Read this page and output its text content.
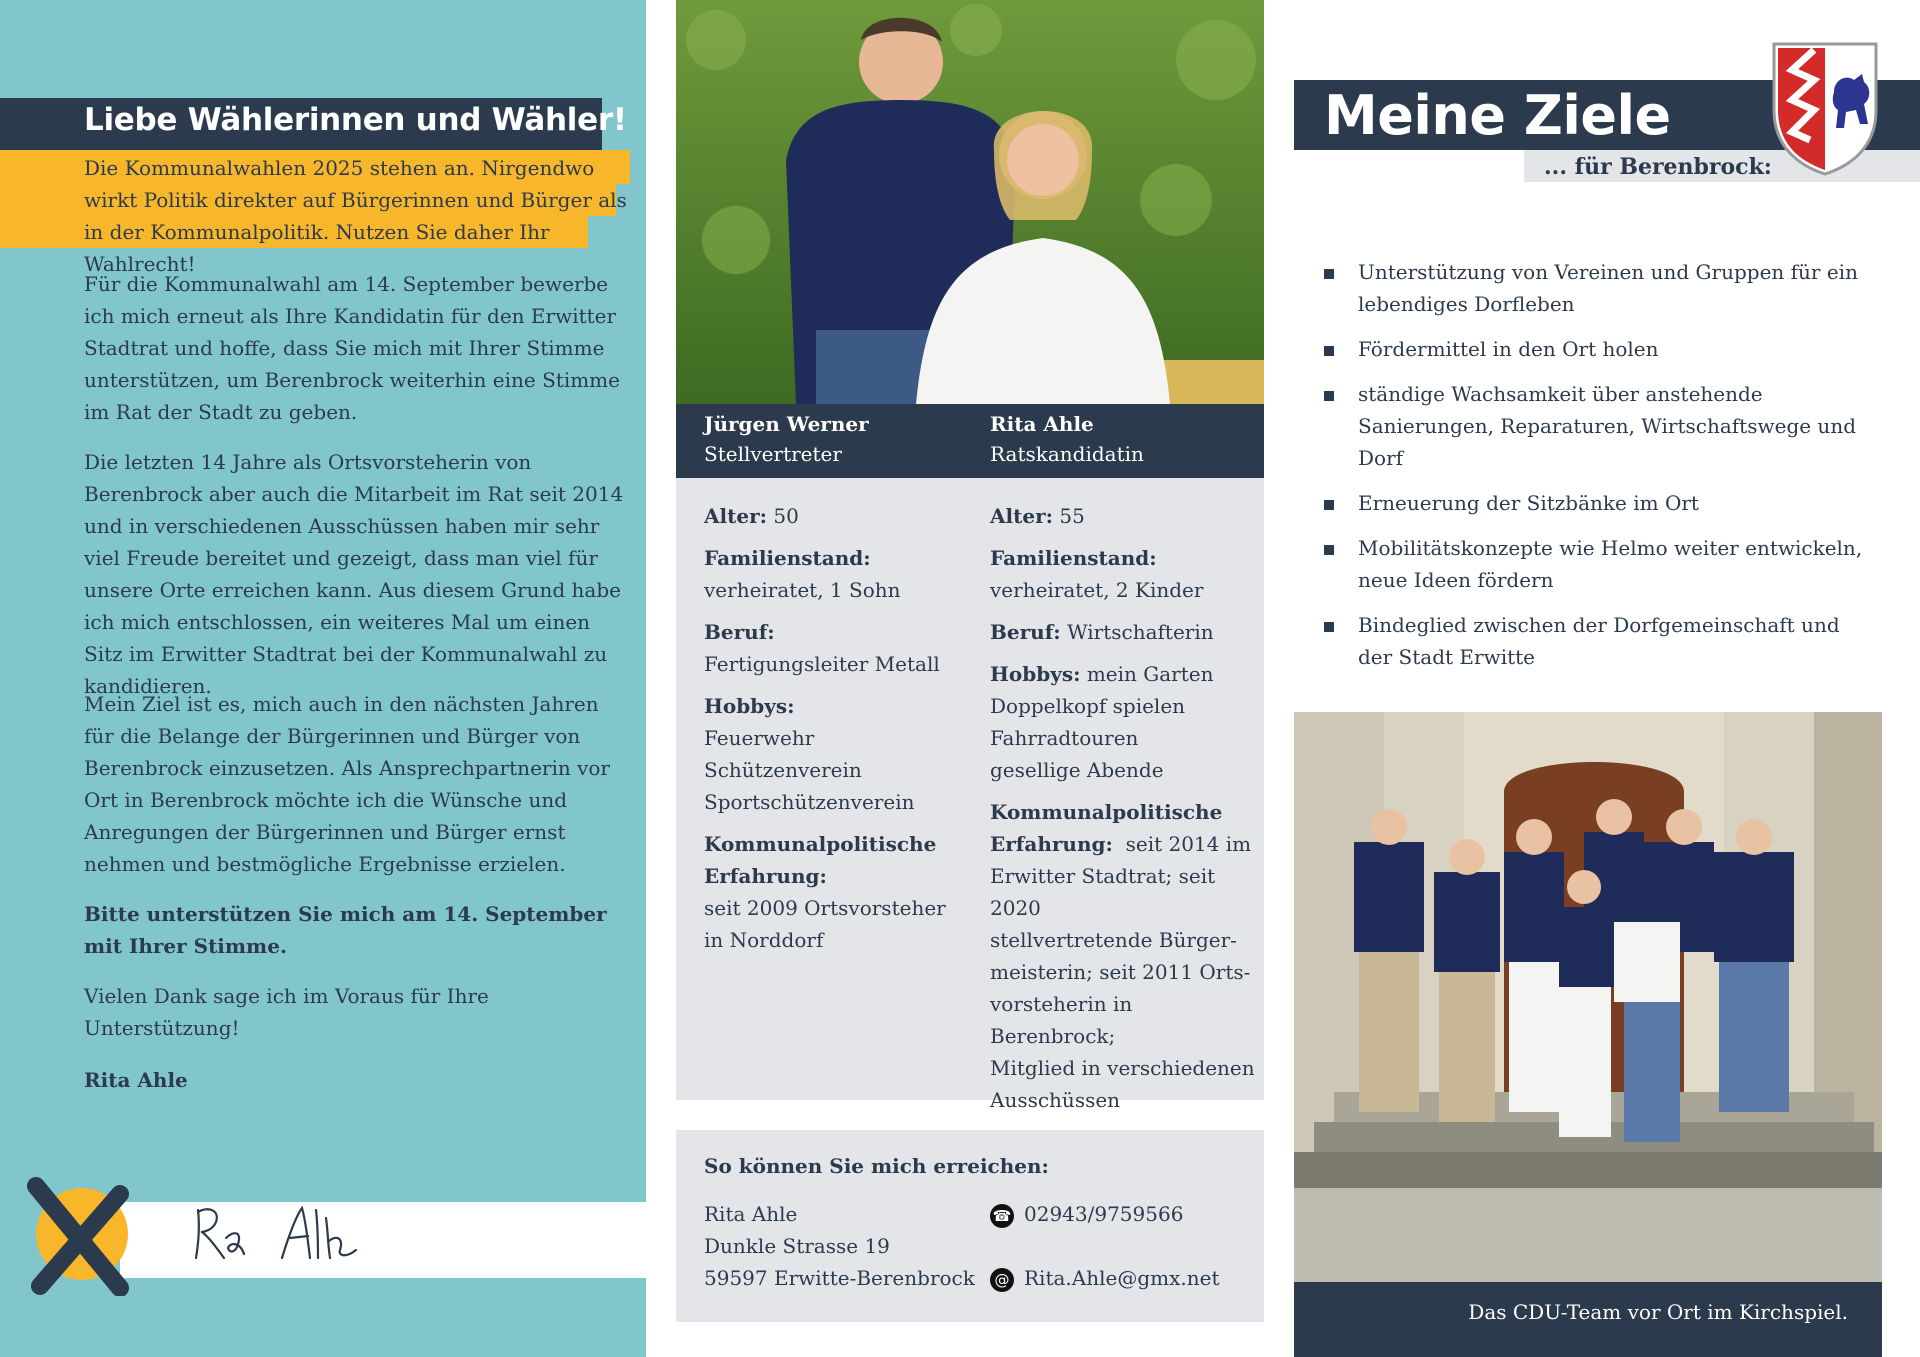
Liebe Wählerinnen und Wähler!
Die Kommunalwahlen 2025 stehen an. Nirgendwo wirkt Politik direkter auf Bürgerinnen und Bürger als in der Kommunalpolitik. Nutzen Sie daher Ihr Wahlrecht!
Für die Kommunalwahl am 14. September bewerbe ich mich erneut als Ihre Kandidatin für den Erwitter Stadtrat und hoffe, dass Sie mich mit Ihrer Stimme unterstützen, um Berenbrock weiterhin eine Stimme im Rat der Stadt zu geben.
Die letzten 14 Jahre als Ortsvorsteherin von Berenbrock aber auch die Mitarbeit im Rat seit 2014 und in verschiedenen Ausschüssen haben mir sehr viel Freude bereitet und gezeigt, dass man viel für unsere Orte erreichen kann. Aus diesem Grund habe ich mich entschlossen, ein weiteres Mal um einen Sitz im Erwitter Stadtrat bei der Kommunalwahl zu kandidieren.
Mein Ziel ist es, mich auch in den nächsten Jahren für die Belange der Bürgerinnen und Bürger von Berenbrock einzusetzen. Als Ansprechpartnerin vor Ort in Berenbrock möchte ich die Wünsche und Anregungen der Bürgerinnen und Bürger ernst nehmen und bestmögliche Ergebnisse erzielen.
Bitte unterstützen Sie mich am 14. September mit Ihrer Stimme.
Vielen Dank sage ich im Voraus für Ihre Unterstützung!
Rita Ahle
Jürgen Werner
Stellvertreter
Rita Ahle
Ratskandidatin
Alter: 50
Familienstand:
verheiratet, 1 Sohn
Beruf:
Fertigungsleiter Metall
Hobbys:
Feuerwehr
Schützenverein
Sportschützenverein
Kommunalpolitische
Erfahrung:
seit 2009 Ortsvorsteher
in Norddorf
Alter: 55
Familienstand:
verheiratet, 2 Kinder
Beruf: Wirtschafterin
Hobbys: mein Garten
Doppelkopf spielen
Fahrradtouren
gesellige Abende
Kommunalpolitische
Erfahrung: seit 2014 im
Erwitter Stadtrat; seit 2020
stellvertretende Bürger-
meisterin; seit 2011 Orts-
vorsteherin in Berenbrock;
Mitglied in verschiedenen
Ausschüssen
So können Sie mich erreichen:
Rita Ahle
Dunkle Strasse 19
59597 Erwitte-Berenbrock
☎ 02943/9759566
@ Rita.Ahle@gmx.net
Meine Ziele
... für Berenbrock:
Unterstützung von Vereinen und Gruppen für ein lebendiges Dorfleben
Fördermittel in den Ort holen
ständige Wachsamkeit über anstehende Sanierungen, Reparaturen, Wirtschaftswege und Dorf
Erneuerung der Sitzbänke im Ort
Mobilitätskonzepte wie Helmo weiter entwickeln, neue Ideen fördern
Bindeglied zwischen der Dorfgemeinschaft und der Stadt Erwitte
Das CDU-Team vor Ort im Kirchspiel.
